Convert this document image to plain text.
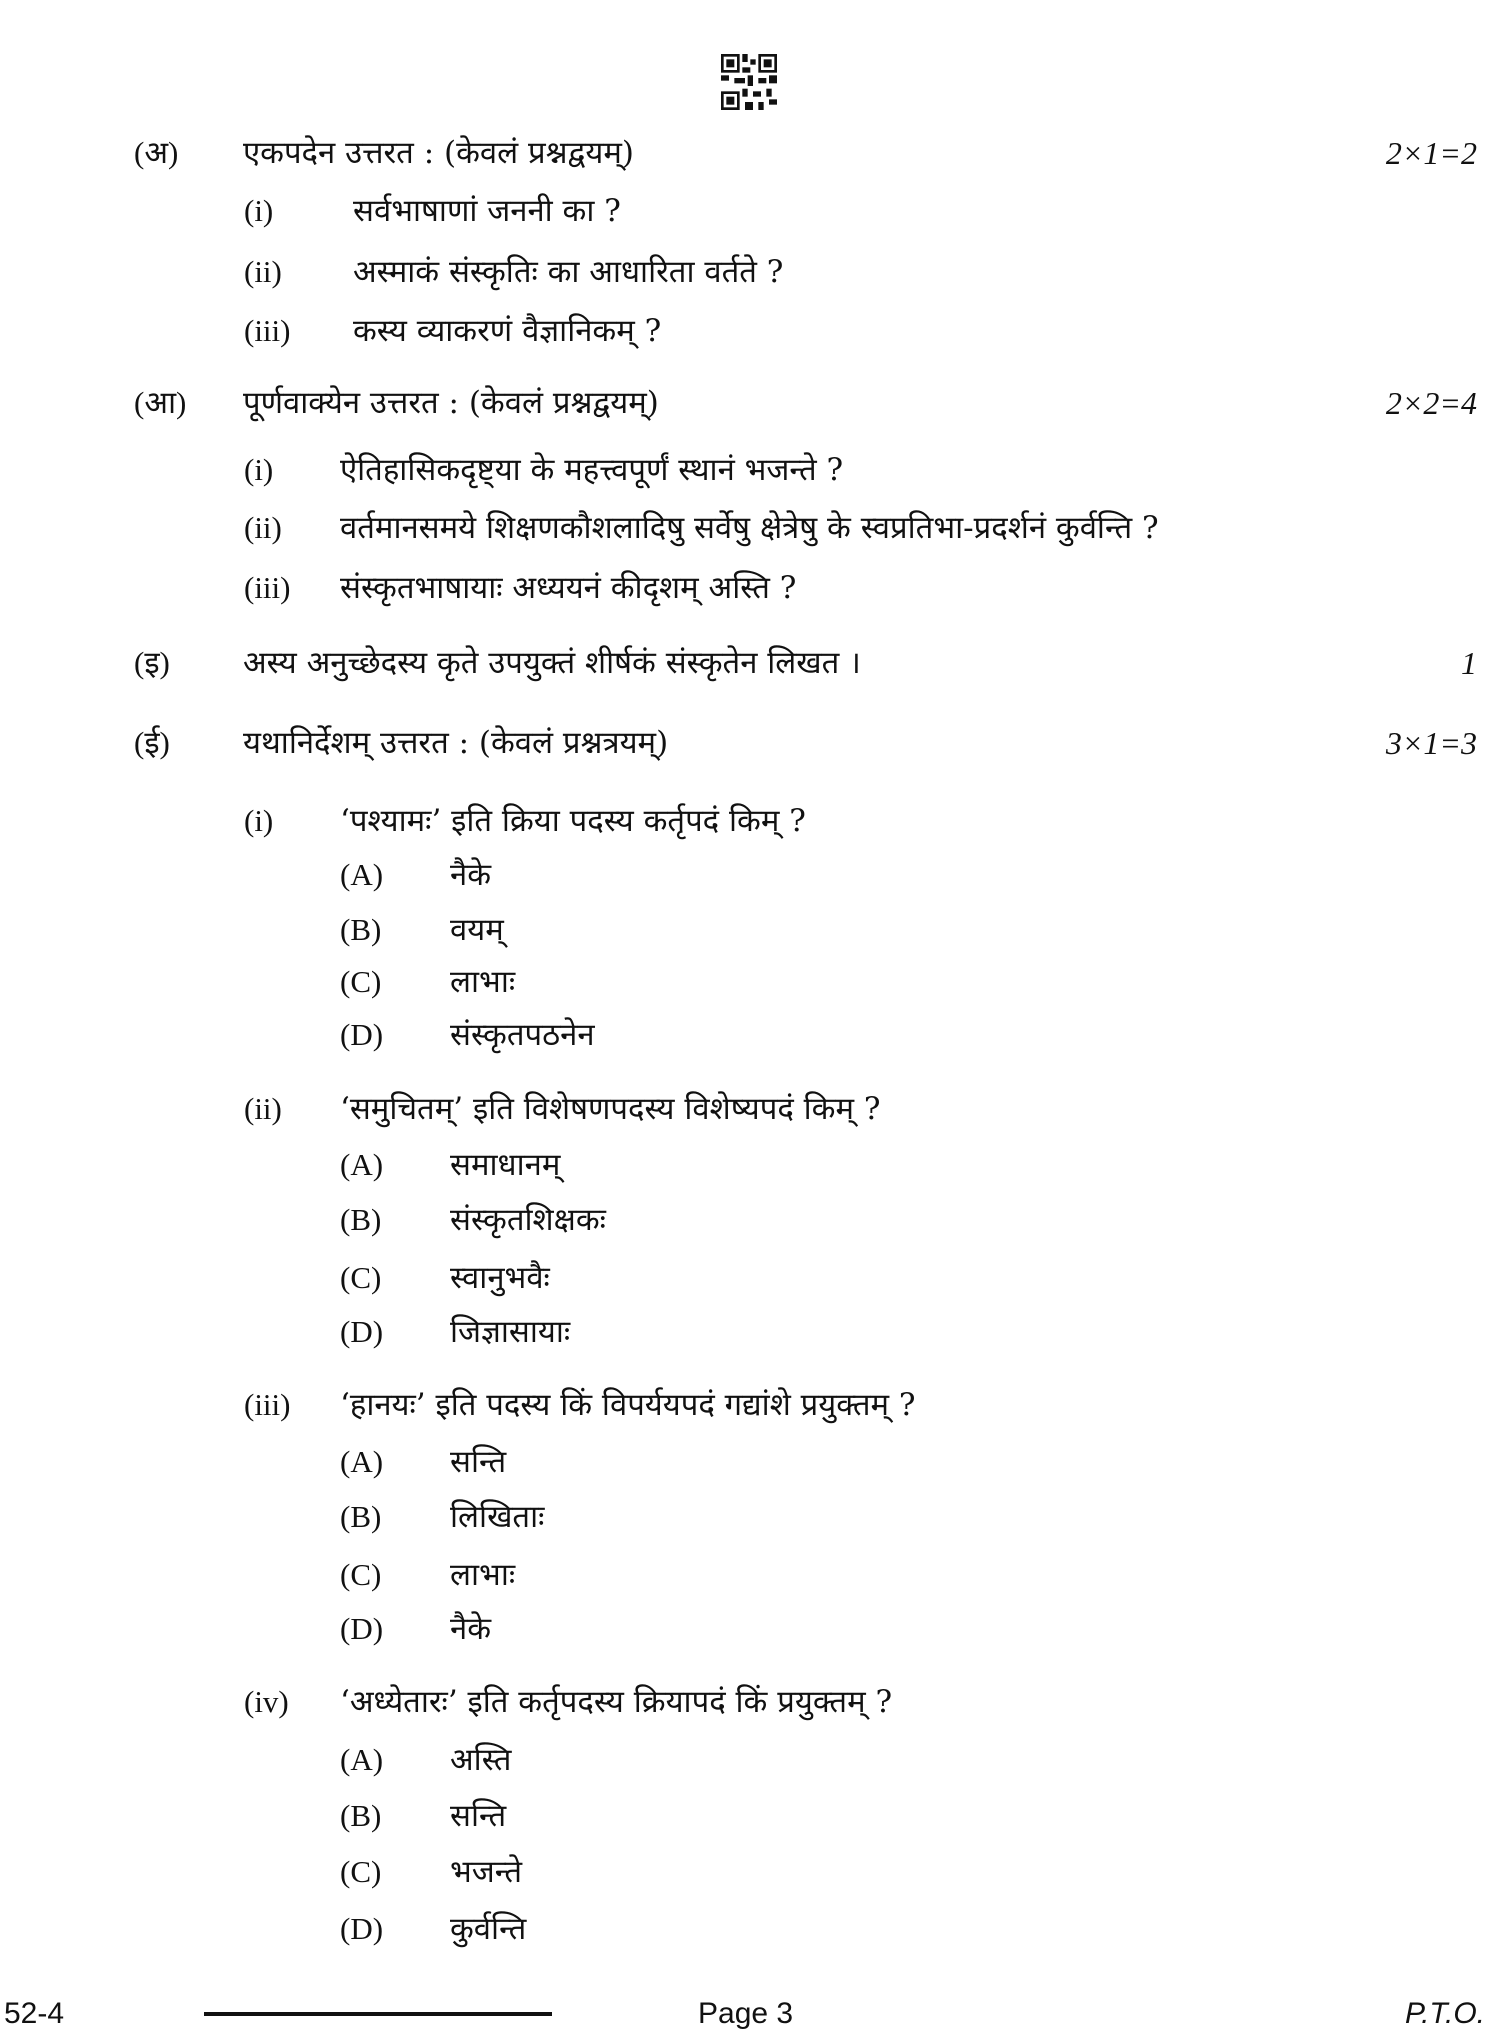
(अ) एकपदेन उत्तरत : (केवलं प्रश्नद्वयम्)	2×1=2
(i)	सर्वभाषाणां जननी का ?
(ii) अस्माकं संस्कृतिः का आधारिता वर्तते ?
(iii) कस्य व्याकरणं वैज्ञानिकम् ?
(आ) पूर्णवाक्येन उत्तरत : (केवलं प्रश्नद्वयम्)	2×2=4
(i) ऐतिहासिकदृष्ट्या के महत्त्वपूर्णं स्थानं भजन्ते ?
(ii) वर्तमानसमये शिक्षणकौशलादिषु सर्वेषु क्षेत्रेषु के स्वप्रतिभा-प्रदर्शनं कुर्वन्ति ?
(iii) संस्कृतभाषायाः अध्ययनं कीदृशम् अस्ति ?
(इ) अस्य अनुच्छेदस्य कृते उपयुक्तं शीर्षकं संस्कृतेन लिखत ।	1
(ई) यथानिर्देशम् उत्तरत : (केवलं प्रश्नत्रयम्)	3×1=3
(i) ‘पश्यामः’ इति क्रिया पदस्य कर्तृपदं किम् ?
(A) नैके
(B) वयम्
(C) लाभाः
(D) संस्कृतपठनेन
(ii) ‘समुचितम्’ इति विशेषणपदस्य विशेष्यपदं किम् ?
(A) समाधानम्
(B) संस्कृतशिक्षकः
(C) स्वानुभवैः
(D) जिज्ञासायाः
(iii) ‘हानयः’ इति पदस्य किं विपर्ययपदं गद्यांशे प्रयुक्तम् ?
(A) सन्ति
(B) लिखिताः
(C) लाभाः
(D) नैके
(iv) ‘अध्येतारः’ इति कर्तृपदस्य क्रियापदं किं प्रयुक्तम् ?
(A) अस्ति
(B) सन्ति
(C) भजन्ते
(D) कुर्वन्ति
52-4	Page 3	P.T.O.
